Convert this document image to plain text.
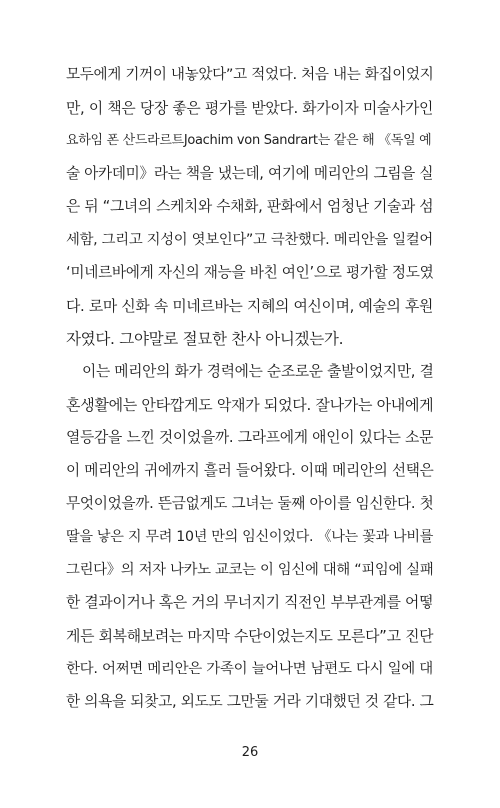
모두에게 기꺼이 내놓았다”고 적었다. 처음 내는 화집이었지
만, 이 책은 당장 좋은 평가를 받았다. 화가이자 미술사가인
요하임 폰 산드라르트Joachim von Sandrart는 같은 해 《독일 예
술 아카데미》라는 책을 냈는데, 여기에 메리안의 그림을 실
은 뒤 “그녀의 스케치와 수채화, 판화에서 엄청난 기술과 섬
세함, 그리고 지성이 엿보인다”고 극찬했다. 메리안을 일컬어
‘미네르바에게 자신의 재능을 바친 여인’으로 평가할 정도였
다. 로마 신화 속 미네르바는 지혜의 여신이며, 예술의 후원
자였다. 그야말로 절묘한 찬사 아니겠는가.
이는 메리안의 화가 경력에는 순조로운 출발이었지만, 결
혼생활에는 안타깝게도 악재가 되었다. 잘나가는 아내에게
열등감을 느낀 것이었을까. 그라프에게 애인이 있다는 소문
이 메리안의 귀에까지 흘러 들어왔다. 이때 메리안의 선택은
무엇이었을까. 뜬금없게도 그녀는 둘째 아이를 임신한다. 첫
딸을 낳은 지 무려 10년 만의 임신이었다. 《나는 꽃과 나비를
그린다》의 저자 나카노 교코는 이 임신에 대해 “피임에 실패
한 결과이거나 혹은 거의 무너지기 직전인 부부관계를 어떻
게든 회복해보려는 마지막 수단이었는지도 모른다”고 진단
한다. 어쩌면 메리안은 가족이 늘어나면 남편도 다시 일에 대
한 의욕을 되찾고, 외도도 그만둘 거라 기대했던 것 같다. 그
26
